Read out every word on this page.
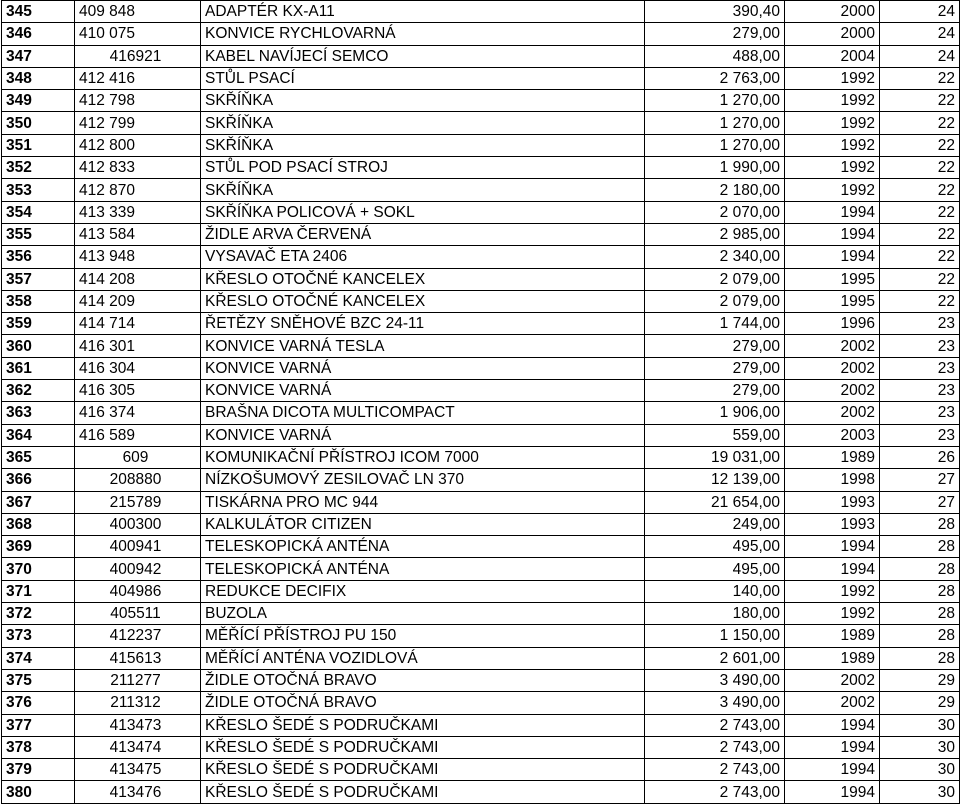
345	409 848	ADAPTÉR KX-A11	390,40	2000	24
346	410 075	KONVICE RYCHLOVARNÁ	279,00	2000	24
347	416921	KABEL NAVÍJECÍ SEMCO	488,00	2004	24
348	412 416	STŮL PSACÍ	2 763,00	1992	22
349	412 798	SKŘÍŇKA	1 270,00	1992	22
350	412 799	SKŘÍŇKA	1 270,00	1992	22
351	412 800	SKŘÍŇKA	1 270,00	1992	22
352	412 833	STŮL POD PSACÍ STROJ	1 990,00	1992	22
353	412 870	SKŘÍŇKA	2 180,00	1992	22
354	413 339	SKŘÍŇKA POLICOVÁ + SOKL	2 070,00	1994	22
355	413 584	ŽIDLE ARVA ČERVENÁ	2 985,00	1994	22
356	413 948	VYSAVAČ ETA 2406	2 340,00	1994	22
357	414 208	KŘESLO OTOČNÉ KANCELEX	2 079,00	1995	22
358	414 209	KŘESLO OTOČNÉ KANCELEX	2 079,00	1995	22
359	414 714	ŘETĚZY SNĚHOVÉ BZC 24-11	1 744,00	1996	23
360	416 301	KONVICE VARNÁ TESLA	279,00	2002	23
361	416 304	KONVICE VARNÁ	279,00	2002	23
362	416 305	KONVICE VARNÁ	279,00	2002	23
363	416 374	BRAŠNA DICOTA MULTICOMPACT	1 906,00	2002	23
364	416 589	KONVICE VARNÁ	559,00	2003	23
365	609	KOMUNIKAČNÍ PŘÍSTROJ ICOM 7000	19 031,00	1989	26
366	208880	NÍZKOŠUMOVÝ ZESILOVAČ LN 370	12 139,00	1998	27
367	215789	TISKÁRNA PRO MC 944	21 654,00	1993	27
368	400300	KALKULÁTOR CITIZEN	249,00	1993	28
369	400941	TELESKOPICKÁ ANTÉNA	495,00	1994	28
370	400942	TELESKOPICKÁ ANTÉNA	495,00	1994	28
371	404986	REDUKCE DECIFIX	140,00	1992	28
372	405511	BUZOLA	180,00	1992	28
373	412237	MĚŘÍCÍ PŘÍSTROJ PU 150	1 150,00	1989	28
374	415613	MĚŘÍCÍ ANTÉNA VOZIDLOVÁ	2 601,00	1989	28
375	211277	ŽIDLE OTOČNÁ BRAVO	3 490,00	2002	29
376	211312	ŽIDLE OTOČNÁ BRAVO	3 490,00	2002	29
377	413473	KŘESLO ŠEDÉ S PODRUČKAMI	2 743,00	1994	30
378	413474	KŘESLO ŠEDÉ S PODRUČKAMI	2 743,00	1994	30
379	413475	KŘESLO ŠEDÉ S PODRUČKAMI	2 743,00	1994	30
380	413476	KŘESLO ŠEDÉ S PODRUČKAMI	2 743,00	1994	30
